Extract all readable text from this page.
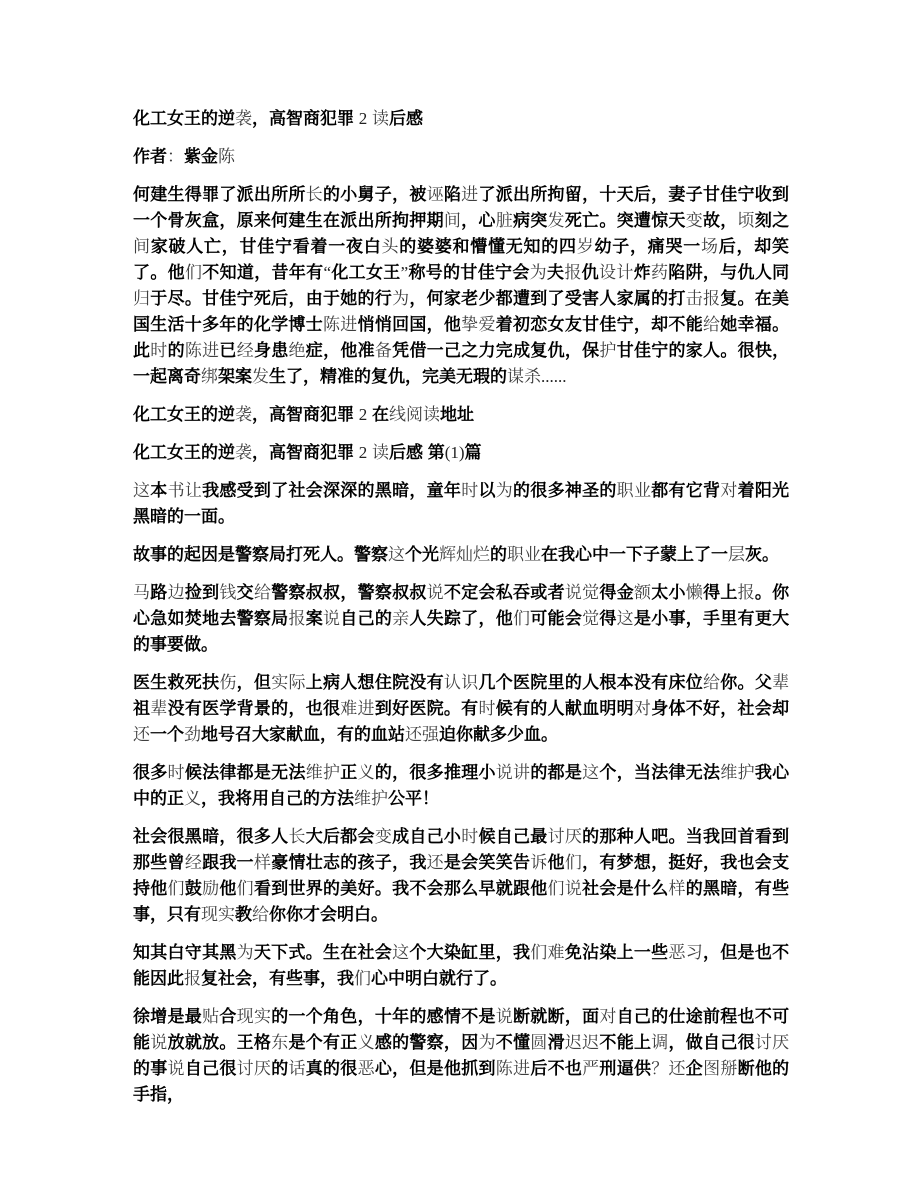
化工女王的逆袭，高智商犯罪 2 读后感

作者：紫金陈

何建生得罪了派出所所长的小舅子，被诬陷进了派出所拘留，十天后，妻子甘佳宁收到一个骨灰盒，原来何建生在派出所拘押期间，心脏病突发死亡。突遭惊天变故，顷刻之间家破人亡，甘佳宁看着一夜白头的婆婆和懵懂无知的四岁幼子，痛哭一场后，却笑了。他们不知道，昔年有“化工女王”称号的甘佳宁会为夫报仇设计炸药陷阱，与仇人同归于尽。甘佳宁死后，由于她的行为，何家老少都遭到了受害人家属的打击报复。在美国生活十多年的化学博士陈进悄悄回国，他挚爱着初恋女友甘佳宁，却不能给她幸福。此时的陈进已经身患绝症，他准备凭借一己之力完成复仇，保护甘佳宁的家人。很快，一起离奇绑架案发生了，精准的复仇，完美无瑕的谋杀......

化工女王的逆袭，高智商犯罪 2 在线阅读地址

化工女王的逆袭，高智商犯罪 2 读后感 第(1)篇

这本书让我感受到了社会深深的黑暗，童年时以为的很多神圣的职业都有它背对着阳光黑暗的一面。

故事的起因是警察局打死人。警察这个光辉灿烂的职业在我心中一下子蒙上了一层灰。

马路边捡到钱交给警察叔叔，警察叔叔说不定会私吞或者说觉得金额太小懒得上报。你心急如焚地去警察局报案说自己的亲人失踪了，他们可能会觉得这是小事，手里有更大的事要做。

医生救死扶伤，但实际上病人想住院没有认识几个医院里的人根本没有床位给你。父辈祖辈没有医学背景的，也很难进到好医院。有时候有的人献血明明对身体不好，社会却还一个劲地号召大家献血，有的血站还强迫你献多少血。

很多时候法律都是无法维护正义的，很多推理小说讲的都是这个，当法律无法维护我心中的正义，我将用自己的方法维护公平！

社会很黑暗，很多人长大后都会变成自己小时候自己最讨厌的那种人吧。当我回首看到那些曾经跟我一样豪情壮志的孩子，我还是会笑笑告诉他们，有梦想，挺好，我也会支持他们鼓励他们看到世界的美好。我不会那么早就跟他们说社会是什么样的黑暗，有些事，只有现实教给你你才会明白。

知其白守其黑为天下式。生在社会这个大染缸里，我们难免沾染上一些恶习，但是也不能因此报复社会，有些事，我们心中明白就行了。

徐增是最贴合现实的一个角色，十年的感情不是说断就断，面对自己的仕途前程也不可能说放就放。王格东是个有正义感的警察，因为不懂圆滑迟迟不能上调，做自己很讨厌的事说自己很讨厌的话真的很恶心，但是他抓到陈进后不也严刑逼供？还企图掰断他的手指，
